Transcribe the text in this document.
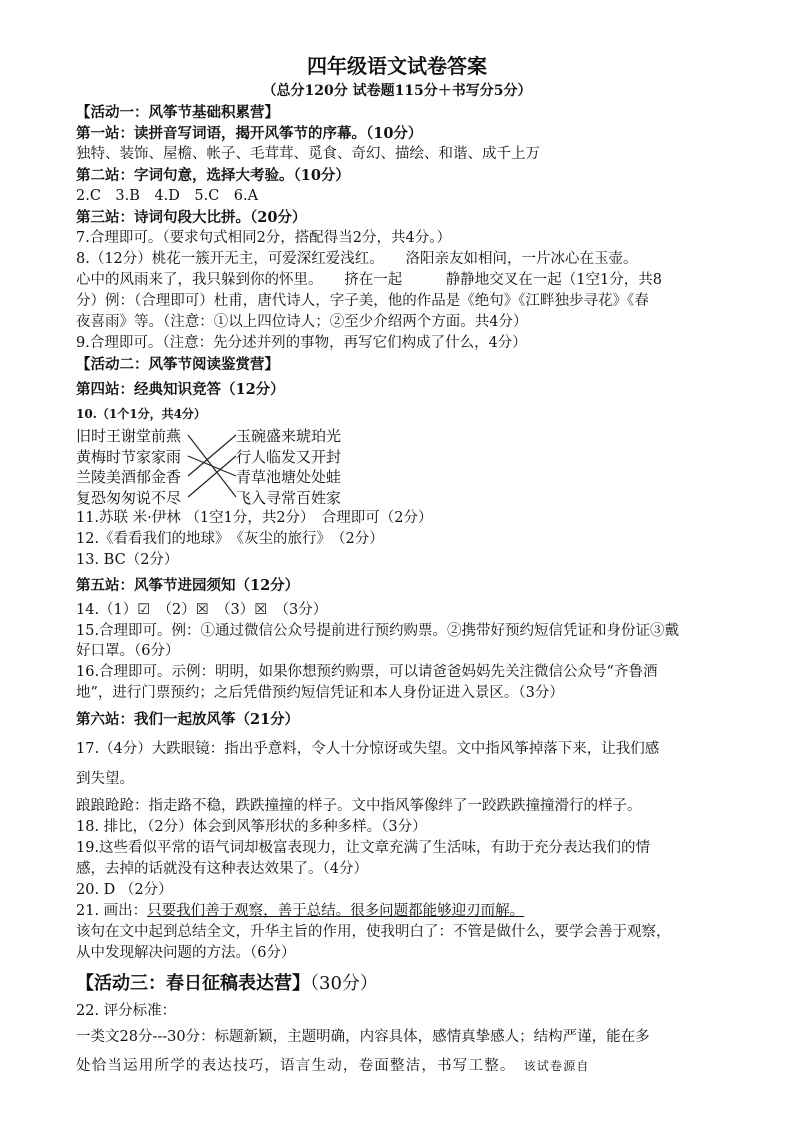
四年级语文试卷答案
（总分120分 试卷题115分＋书写分5分）
【活动一：风筝节基础积累营】
第一站：读拼音写词语，揭开风筝节的序幕。（10分）
独特、装饰、屋檐、帐子、毛茸茸、觅食、奇幻、描绘、和谐、成千上万
第二站：字词句意，选择大考验。（10分）
2.C　3.B　4.D　5.C　6.A
第三站：诗词句段大比拼。（20分）
7.合理即可。（要求句式相同2分，搭配得当2分，共4分。）
8.（12分）桃花一簇开无主，可爱深红爱浅红。　　洛阳亲友如相问，一片冰心在玉壶。
心中的风雨来了，我只躲到你的怀里。　　挤在一起　　　静静地交叉在一起（1空1分，共8
分）例：（合理即可）杜甫，唐代诗人，字子美，他的作品是《绝句》《江畔独步寻花》《春
夜喜雨》等。（注意：①以上四位诗人；②至少介绍两个方面。共4分）
9.合理即可。（注意：先分述并列的事物，再写它们构成了什么，4分）
【活动二：风筝节阅读鉴赏营】
第四站：经典知识竞答（12分）
10.（1个1分，共4分）
旧时王谢堂前燕
黄梅时节家家雨
兰陵美酒郁金香
复恐匆匆说不尽
玉碗盛来琥珀光
行人临发又开封
青草池塘处处蛙
飞入寻常百姓家
11.苏联 米·伊林 （1空1分，共2分）　合理即可（2分）
12.《看看我们的地球》　《灰尘的旅行》　（2分）
13. BC（2分）
第五站：风筝节进园须知（12分）
14.（1）☑　（2）☒　（3）☒　（3分）
15.合理即可。例：①通过微信公众号提前进行预约购票。②携带好预约短信凭证和身份证③戴
好口罩。（6分）
16.合理即可。示例：明明，如果你想预约购票，可以请爸爸妈妈先关注微信公众号“齐鲁酒
地”，进行门票预约；之后凭借预约短信凭证和本人身份证进入景区。（3分）
第六站：我们一起放风筝（21分）
17.（4分）大跌眼镜：指出乎意料，令人十分惊讶或失望。文中指风筝掉落下来，让我们感
到失望。
踉踉跄跄：指走路不稳，跌跌撞撞的样子。文中指风筝像绊了一跤跌跌撞撞滑行的样子。
18. 排比，（2分）体会到风筝形状的多种多样。（3分）
19.这些看似平常的语气词却极富表现力，让文章充满了生活味，有助于充分表达我们的情
感，去掉的话就没有这种表达效果了。（4分）
20. D （2分）
21. 画出：只要我们善于观察，善于总结。很多问题都能够迎刃而解。
该句在文中起到总结全文，升华主旨的作用，使我明白了：不管是做什么，要学会善于观察，
从中发现解决问题的方法。（6分）
【活动三：春日征稿表达营】（30分）
22. 评分标准：
一类文28分---30分：标题新颖，主题明确，内容具体，感情真挚感人；结构严谨，能在多
处恰当运用所学的表达技巧，语言生动，卷面整洁，书写工整。 该试卷源自
